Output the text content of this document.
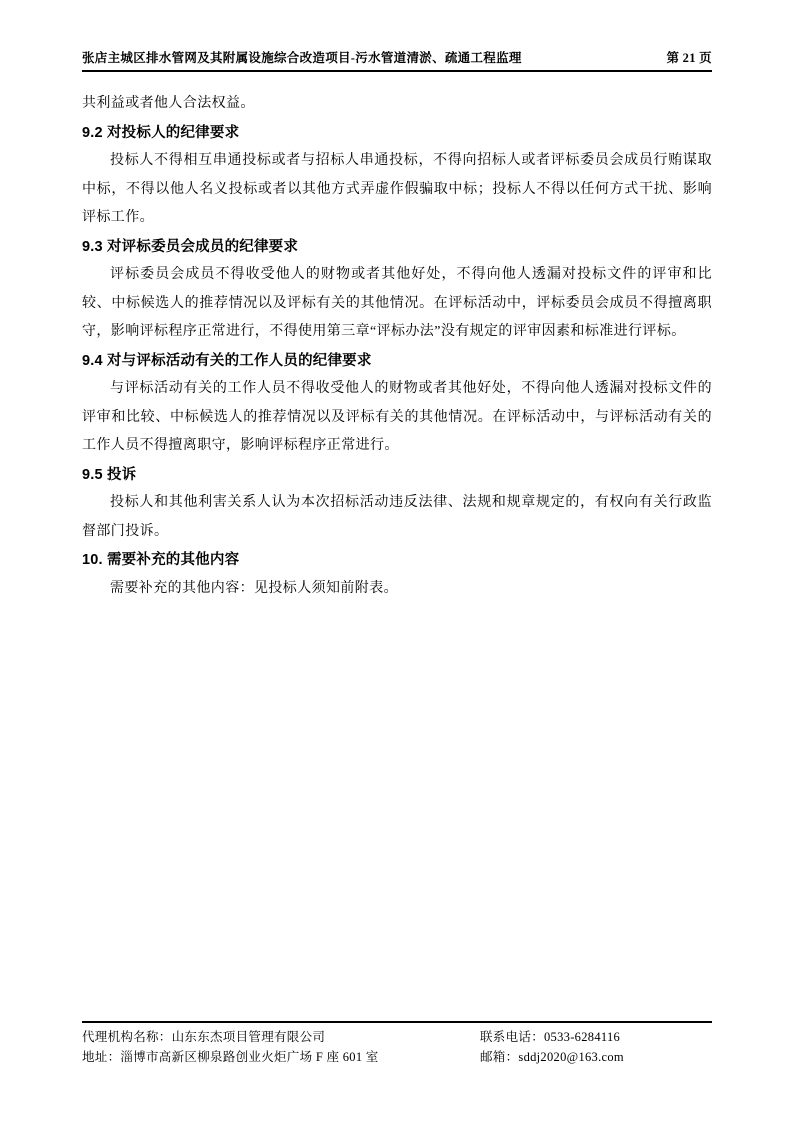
张店主城区排水管网及其附属设施综合改造项目-污水管道清淤、疏通工程监理	第 21 页

共利益或者他人合法权益。

9.2 对投标人的纪律要求

投标人不得相互串通投标或者与招标人串通投标，不得向招标人或者评标委员会成员行贿谋取中标，不得以他人名义投标或者以其他方式弄虚作假骗取中标；投标人不得以任何方式干扰、影响评标工作。

9.3 对评标委员会成员的纪律要求

评标委员会成员不得收受他人的财物或者其他好处，不得向他人透漏对投标文件的评审和比较、中标候选人的推荐情况以及评标有关的其他情况。在评标活动中，评标委员会成员不得擅离职守，影响评标程序正常进行，不得使用第三章“评标办法”没有规定的评审因素和标准进行评标。

9.4 对与评标活动有关的工作人员的纪律要求

与评标活动有关的工作人员不得收受他人的财物或者其他好处，不得向他人透漏对投标文件的评审和比较、中标候选人的推荐情况以及评标有关的其他情况。在评标活动中，与评标活动有关的工作人员不得擅离职守，影响评标程序正常进行。

9.5 投诉

投标人和其他利害关系人认为本次招标活动违反法律、法规和规章规定的，有权向有关行政监督部门投诉。

10. 需要补充的其他内容

需要补充的其他内容：见投标人须知前附表。

代理机构名称：山东东杰项目管理有限公司	联系电话：0533-6284116
地址：淄博市高新区柳泉路创业火炬广场 F 座 601 室	邮箱：sddj2020@163.com
